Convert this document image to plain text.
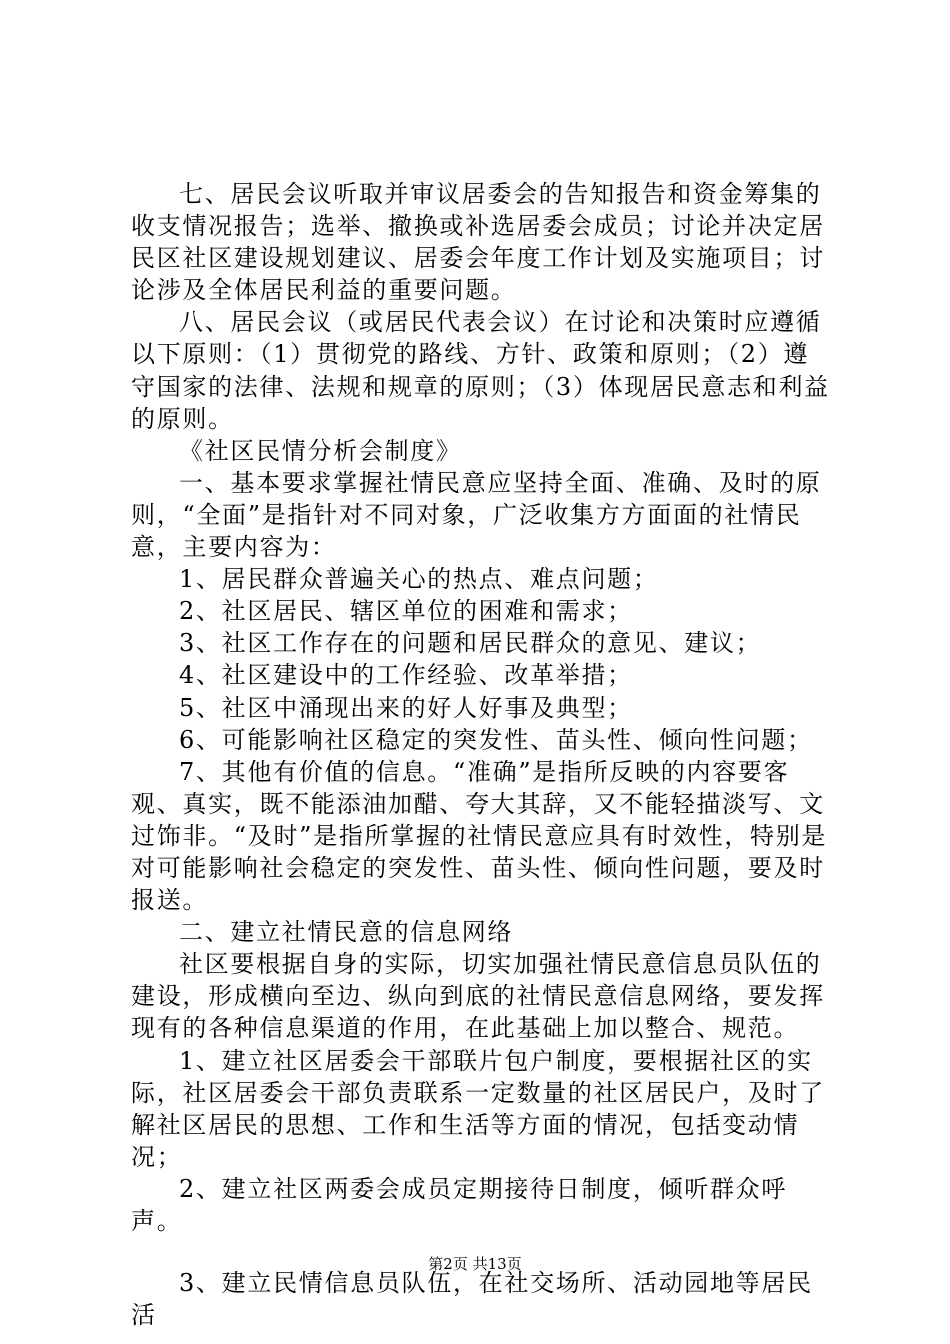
七、居民会议听取并审议居委会的告知报告和资金筹集的收支情况报告；选举、撤换或补选居委会成员；讨论并决定居民区社区建设规划建议、居委会年度工作计划及实施项目；讨论涉及全体居民利益的重要问题。

八、居民会议（或居民代表会议）在讨论和决策时应遵循以下原则：（1）贯彻党的路线、方针、政策和原则；（2）遵守国家的法律、法规和规章的原则；（3）体现居民意志和利益的原则。

《社区民情分析会制度》

一、基本要求掌握社情民意应坚持全面、准确、及时的原则，“全面”是指针对不同对象，广泛收集方方面面的社情民意，主要内容为：

1、居民群众普遍关心的热点、难点问题；

2、社区居民、辖区单位的困难和需求；

3、社区工作存在的问题和居民群众的意见、建议；

4、社区建设中的工作经验、改革举措；

5、社区中涌现出来的好人好事及典型；

6、可能影响社区稳定的突发性、苗头性、倾向性问题；

7、其他有价值的信息。“准确”是指所反映的内容要客观、真实，既不能添油加醋、夸大其辞，又不能轻描淡写、文过饰非。“及时”是指所掌握的社情民意应具有时效性，特别是对可能影响社会稳定的突发性、苗头性、倾向性问题，要及时报送。

二、建立社情民意的信息网络

社区要根据自身的实际，切实加强社情民意信息员队伍的建设，形成横向至边、纵向到底的社情民意信息网络，要发挥现有的各种信息渠道的作用，在此基础上加以整合、规范。

1、建立社区居委会干部联片包户制度，要根据社区的实际，社区居委会干部负责联系一定数量的社区居民户，及时了解社区居民的思想、工作和生活等方面的情况，包括变动情况；

2、建立社区两委会成员定期接待日制度，倾听群众呼声。

3、建立民情信息员队伍，在社交场所、活动园地等居民活

第2页 共13页
